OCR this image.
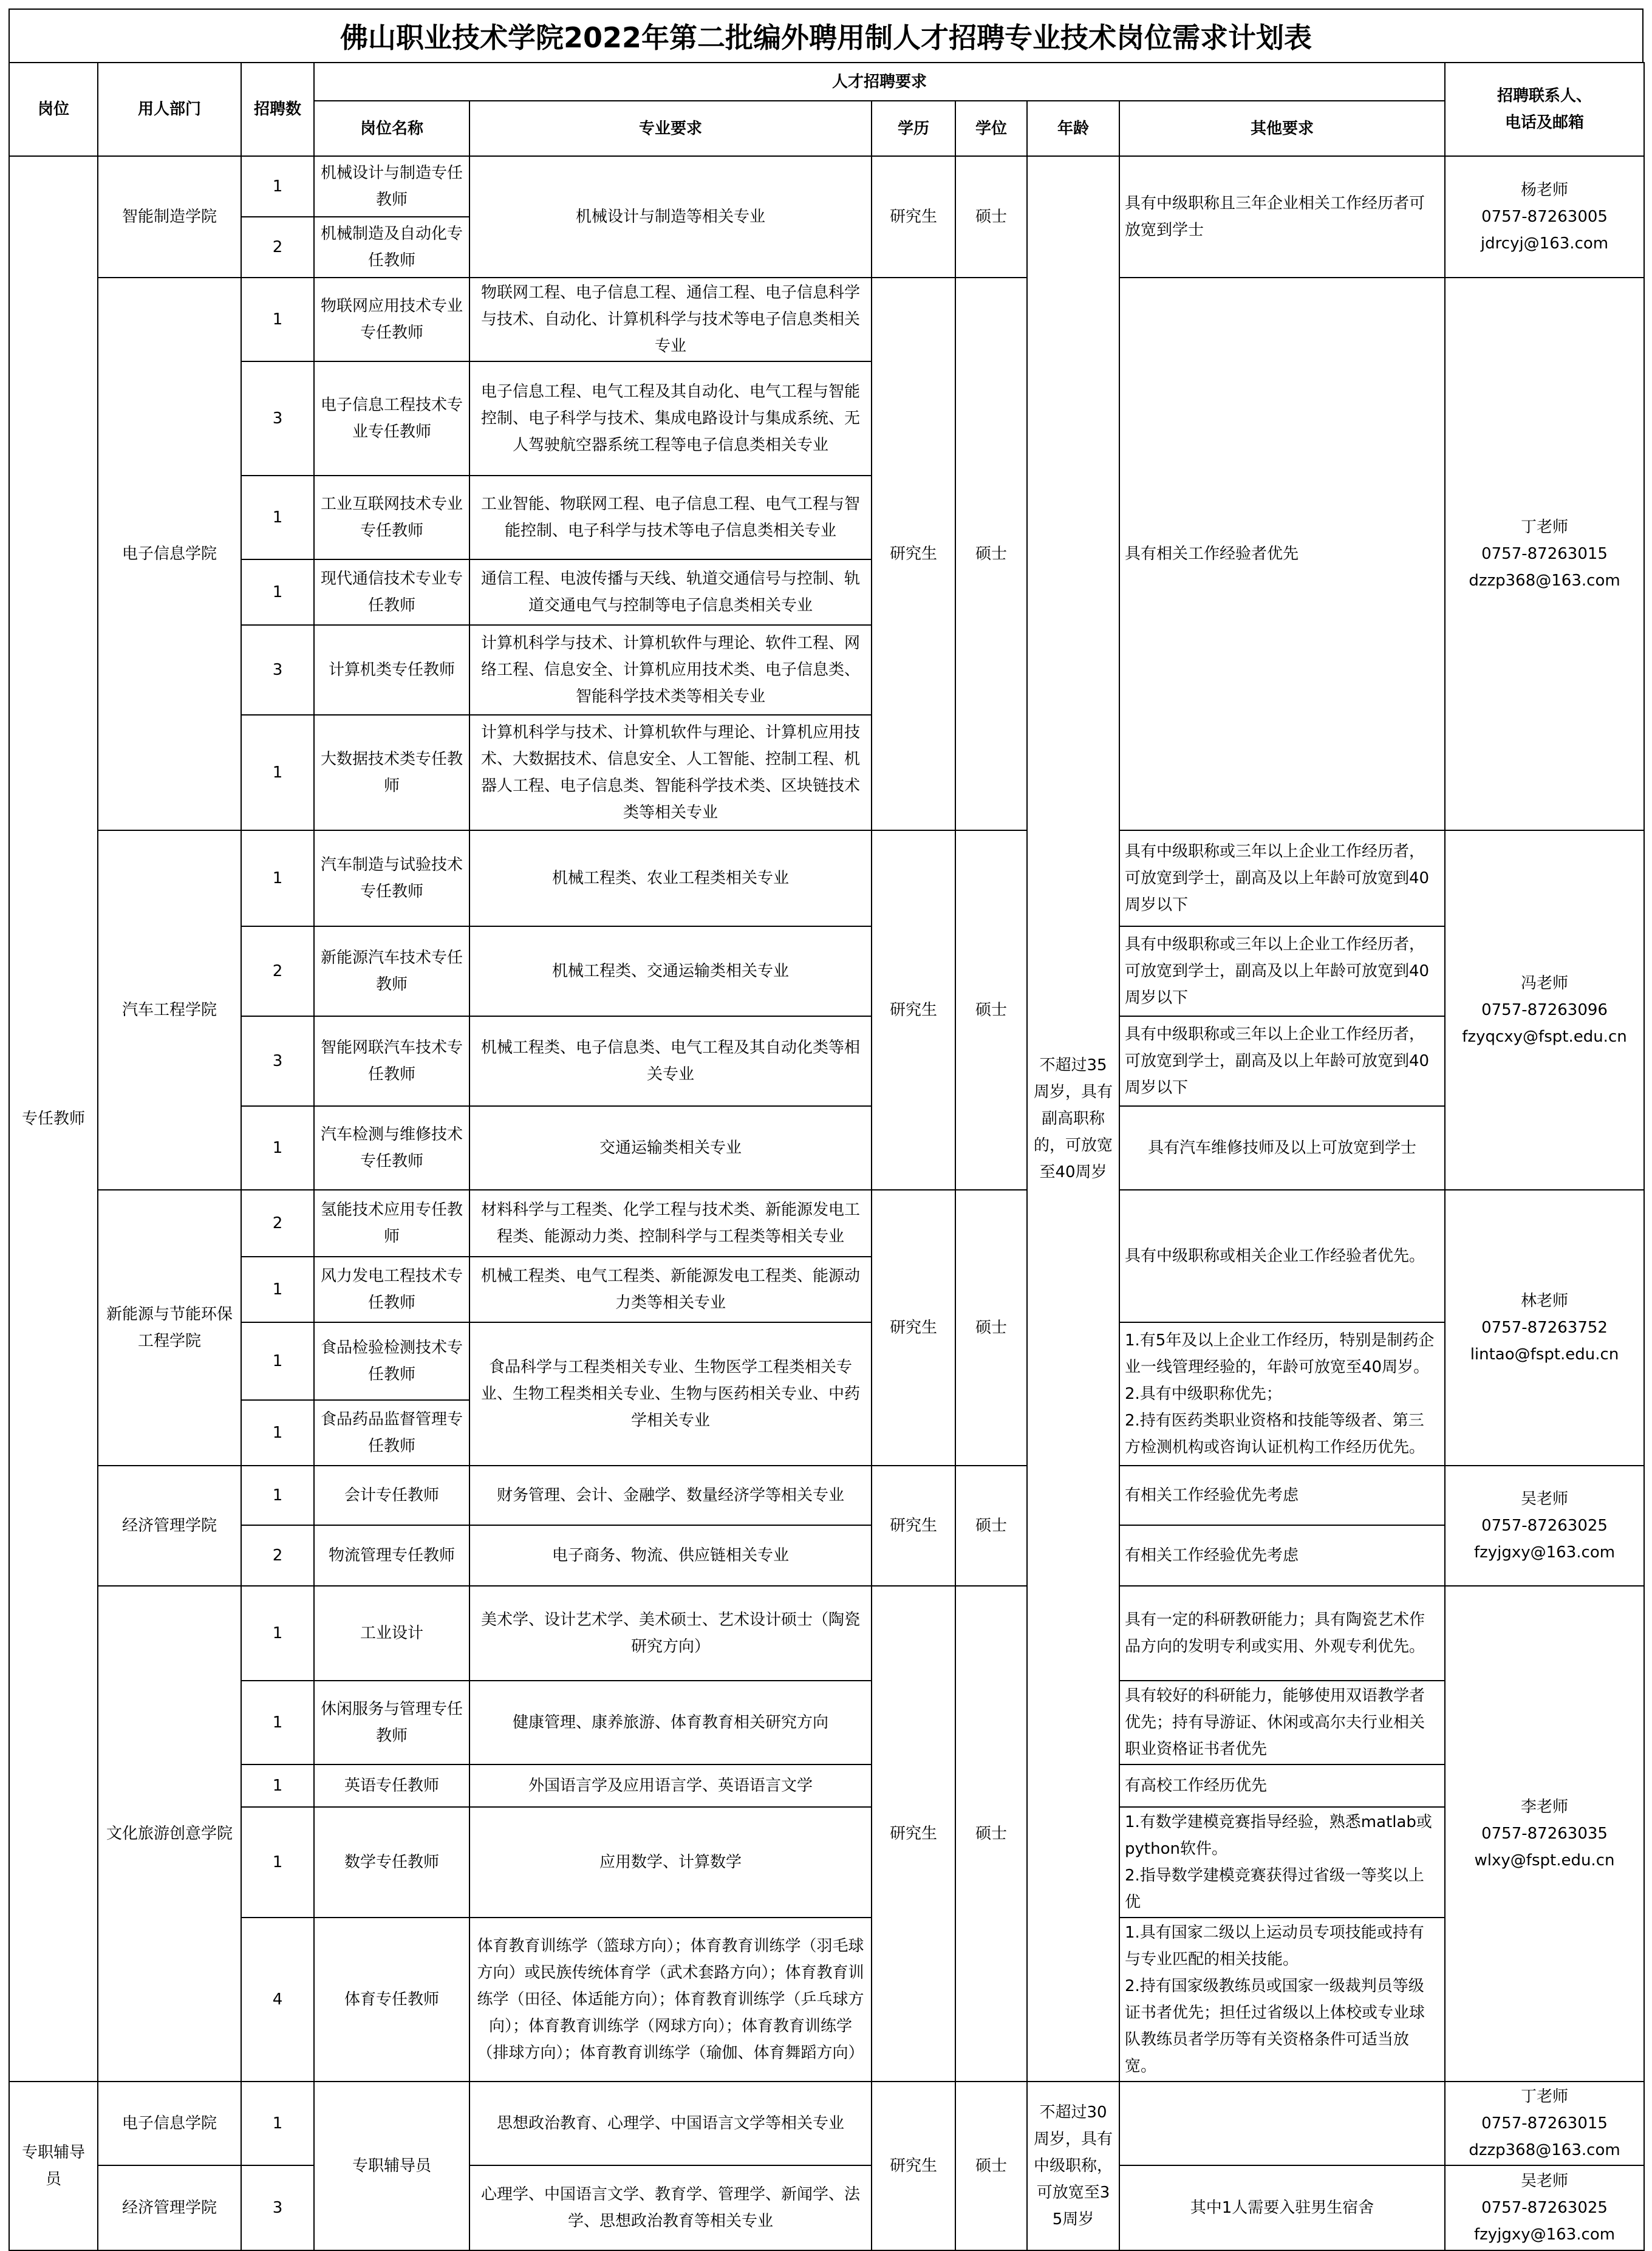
佛山职业技术学院2022年第二批编外聘用制人才招聘专业技术岗位需求计划表
岗位	用人部门	招聘数	人才招聘要求						招聘联系人、
电话及邮箱
			岗位名称	专业要求	学历	学位	年龄	其他要求	
专任教师	智能制造学院	1	机械设计与制造专任教师	机械设计与制造等相关专业	研究生	硕士	不超过35周岁，具有副高职称的，可放宽至40周岁	具有中级职称且三年企业相关工作经历者可放宽到学士	杨老师
0757-87263005
jdrcyj@163.com
		2	机械制造及自动化专任教师						
	电子信息学院	1	物联网应用技术专业专任教师	物联网工程、电子信息工程、通信工程、电子信息科学与技术、自动化、计算机科学与技术等电子信息类相关专业	研究生	硕士		具有相关工作经验者优先	丁老师
0757-87263015
dzzp368@163.com
		3	电子信息工程技术专业专任教师	电子信息工程、电气工程及其自动化、电气工程与智能控制、电子科学与技术、集成电路设计与集成系统、无人驾驶航空器系统工程等电子信息类相关专业					
		1	工业互联网技术专业专任教师	工业智能、物联网工程、电子信息工程、电气工程与智能控制、电子科学与技术等电子信息类相关专业					
		1	现代通信技术专业专任教师	通信工程、电波传播与天线、轨道交通信号与控制、轨道交通电气与控制等电子信息类相关专业					
		3	计算机类专任教师	计算机科学与技术、计算机软件与理论、软件工程、网络工程、信息安全、计算机应用技术类、电子信息类、智能科学技术类等相关专业					
		1	大数据技术类专任教师	计算机科学与技术、计算机软件与理论、计算机应用技术、大数据技术、信息安全、人工智能、控制工程、机器人工程、电子信息类、智能科学技术类、区块链技术类等相关专业					
	汽车工程学院	1	汽车制造与试验技术专任教师	机械工程类、农业工程类相关专业	研究生	硕士		具有中级职称或三年以上企业工作经历者，可放宽到学士，副高及以上年龄可放宽到40周岁以下	冯老师
0757-87263096
fzyqcxy@fspt.edu.cn
		2	新能源汽车技术专任教师	机械工程类、交通运输类相关专业				具有中级职称或三年以上企业工作经历者，可放宽到学士，副高及以上年龄可放宽到40周岁以下	
		3	智能网联汽车技术专任教师	机械工程类、电子信息类、电气工程及其自动化类等相关专业				具有中级职称或三年以上企业工作经历者，可放宽到学士，副高及以上年龄可放宽到40周岁以下	
		1	汽车检测与维修技术专任教师	交通运输类相关专业				具有汽车维修技师及以上可放宽到学士	
	新能源与节能环保工程学院	2	氢能技术应用专任教师	材料科学与工程类、化学工程与技术类、新能源发电工程类、能源动力类、控制科学与工程类等相关专业	研究生	硕士		具有中级职称或相关企业工作经验者优先。	林老师
0757-87263752
lintao@fspt.edu.cn
		1	风力发电工程技术专任教师	机械工程类、电气工程类、新能源发电工程类、能源动力类等相关专业					
		1	食品检验检测技术专任教师	食品科学与工程类相关专业、生物医学工程类相关专业、生物工程类相关专业、生物与医药相关专业、中药学相关专业				1.有5年及以上企业工作经历，特别是制药企业一线管理经验的，年龄可放宽至40周岁。
2.具有中级职称优先；
2.持有医药类职业资格和技能等级者、第三方检测机构或咨询认证机构工作经历优先。	
		1	食品药品监督管理专任教师						
	经济管理学院	1	会计专任教师	财务管理、会计、金融学、数量经济学等相关专业	研究生	硕士		有相关工作经验优先考虑	吴老师
0757-87263025
fzyjgxy@163.com
		2	物流管理专任教师	电子商务、物流、供应链相关专业				有相关工作经验优先考虑	
	文化旅游创意学院	1	工业设计	美术学、设计艺术学、美术硕士、艺术设计硕士（陶瓷研究方向）	研究生	硕士		具有一定的科研教研能力；具有陶瓷艺术作品方向的发明专利或实用、外观专利优先。	李老师
0757-87263035
wlxy@fspt.edu.cn
		1	休闲服务与管理专任教师	健康管理、康养旅游、体育教育相关研究方向				具有较好的科研能力，能够使用双语教学者优先；持有导游证、休闲或高尔夫行业相关职业资格证书者优先	
		1	英语专任教师	外国语言学及应用语言学、英语语言文学				有高校工作经历优先	
		1	数学专任教师	应用数学、计算数学				1.有数学建模竞赛指导经验，熟悉matlab或python软件。
2.指导数学建模竞赛获得过省级一等奖以上优	
		4	体育专任教师	体育教育训练学（篮球方向）；体育教育训练学（羽毛球方向）或民族传统体育学（武术套路方向）；体育教育训练学（田径、体适能方向）；体育教育训练学（乒乓球方向）；体育教育训练学（网球方向）；体育教育训练学（排球方向）；体育教育训练学（瑜伽、体育舞蹈方向）				1.具有国家二级以上运动员专项技能或持有与专业匹配的相关技能。
2.持有国家级教练员或国家一级裁判员等级证书者优先；担任过省级以上体校或专业球队教练员者学历等有关资格条件可适当放宽。	
专职辅导员	电子信息学院	1	专职辅导员	思想政治教育、心理学、中国语言文学等相关专业	研究生	硕士	不超过30周岁，具有中级职称，可放宽至35周岁		丁老师
0757-87263015
dzzp368@163.com
	经济管理学院	3		心理学、中国语言文学、教育学、管理学、新闻学、法学、思想政治教育等相关专业				其中1人需要入驻男生宿舍	吴老师
0757-87263025
fzyjgxy@163.com
